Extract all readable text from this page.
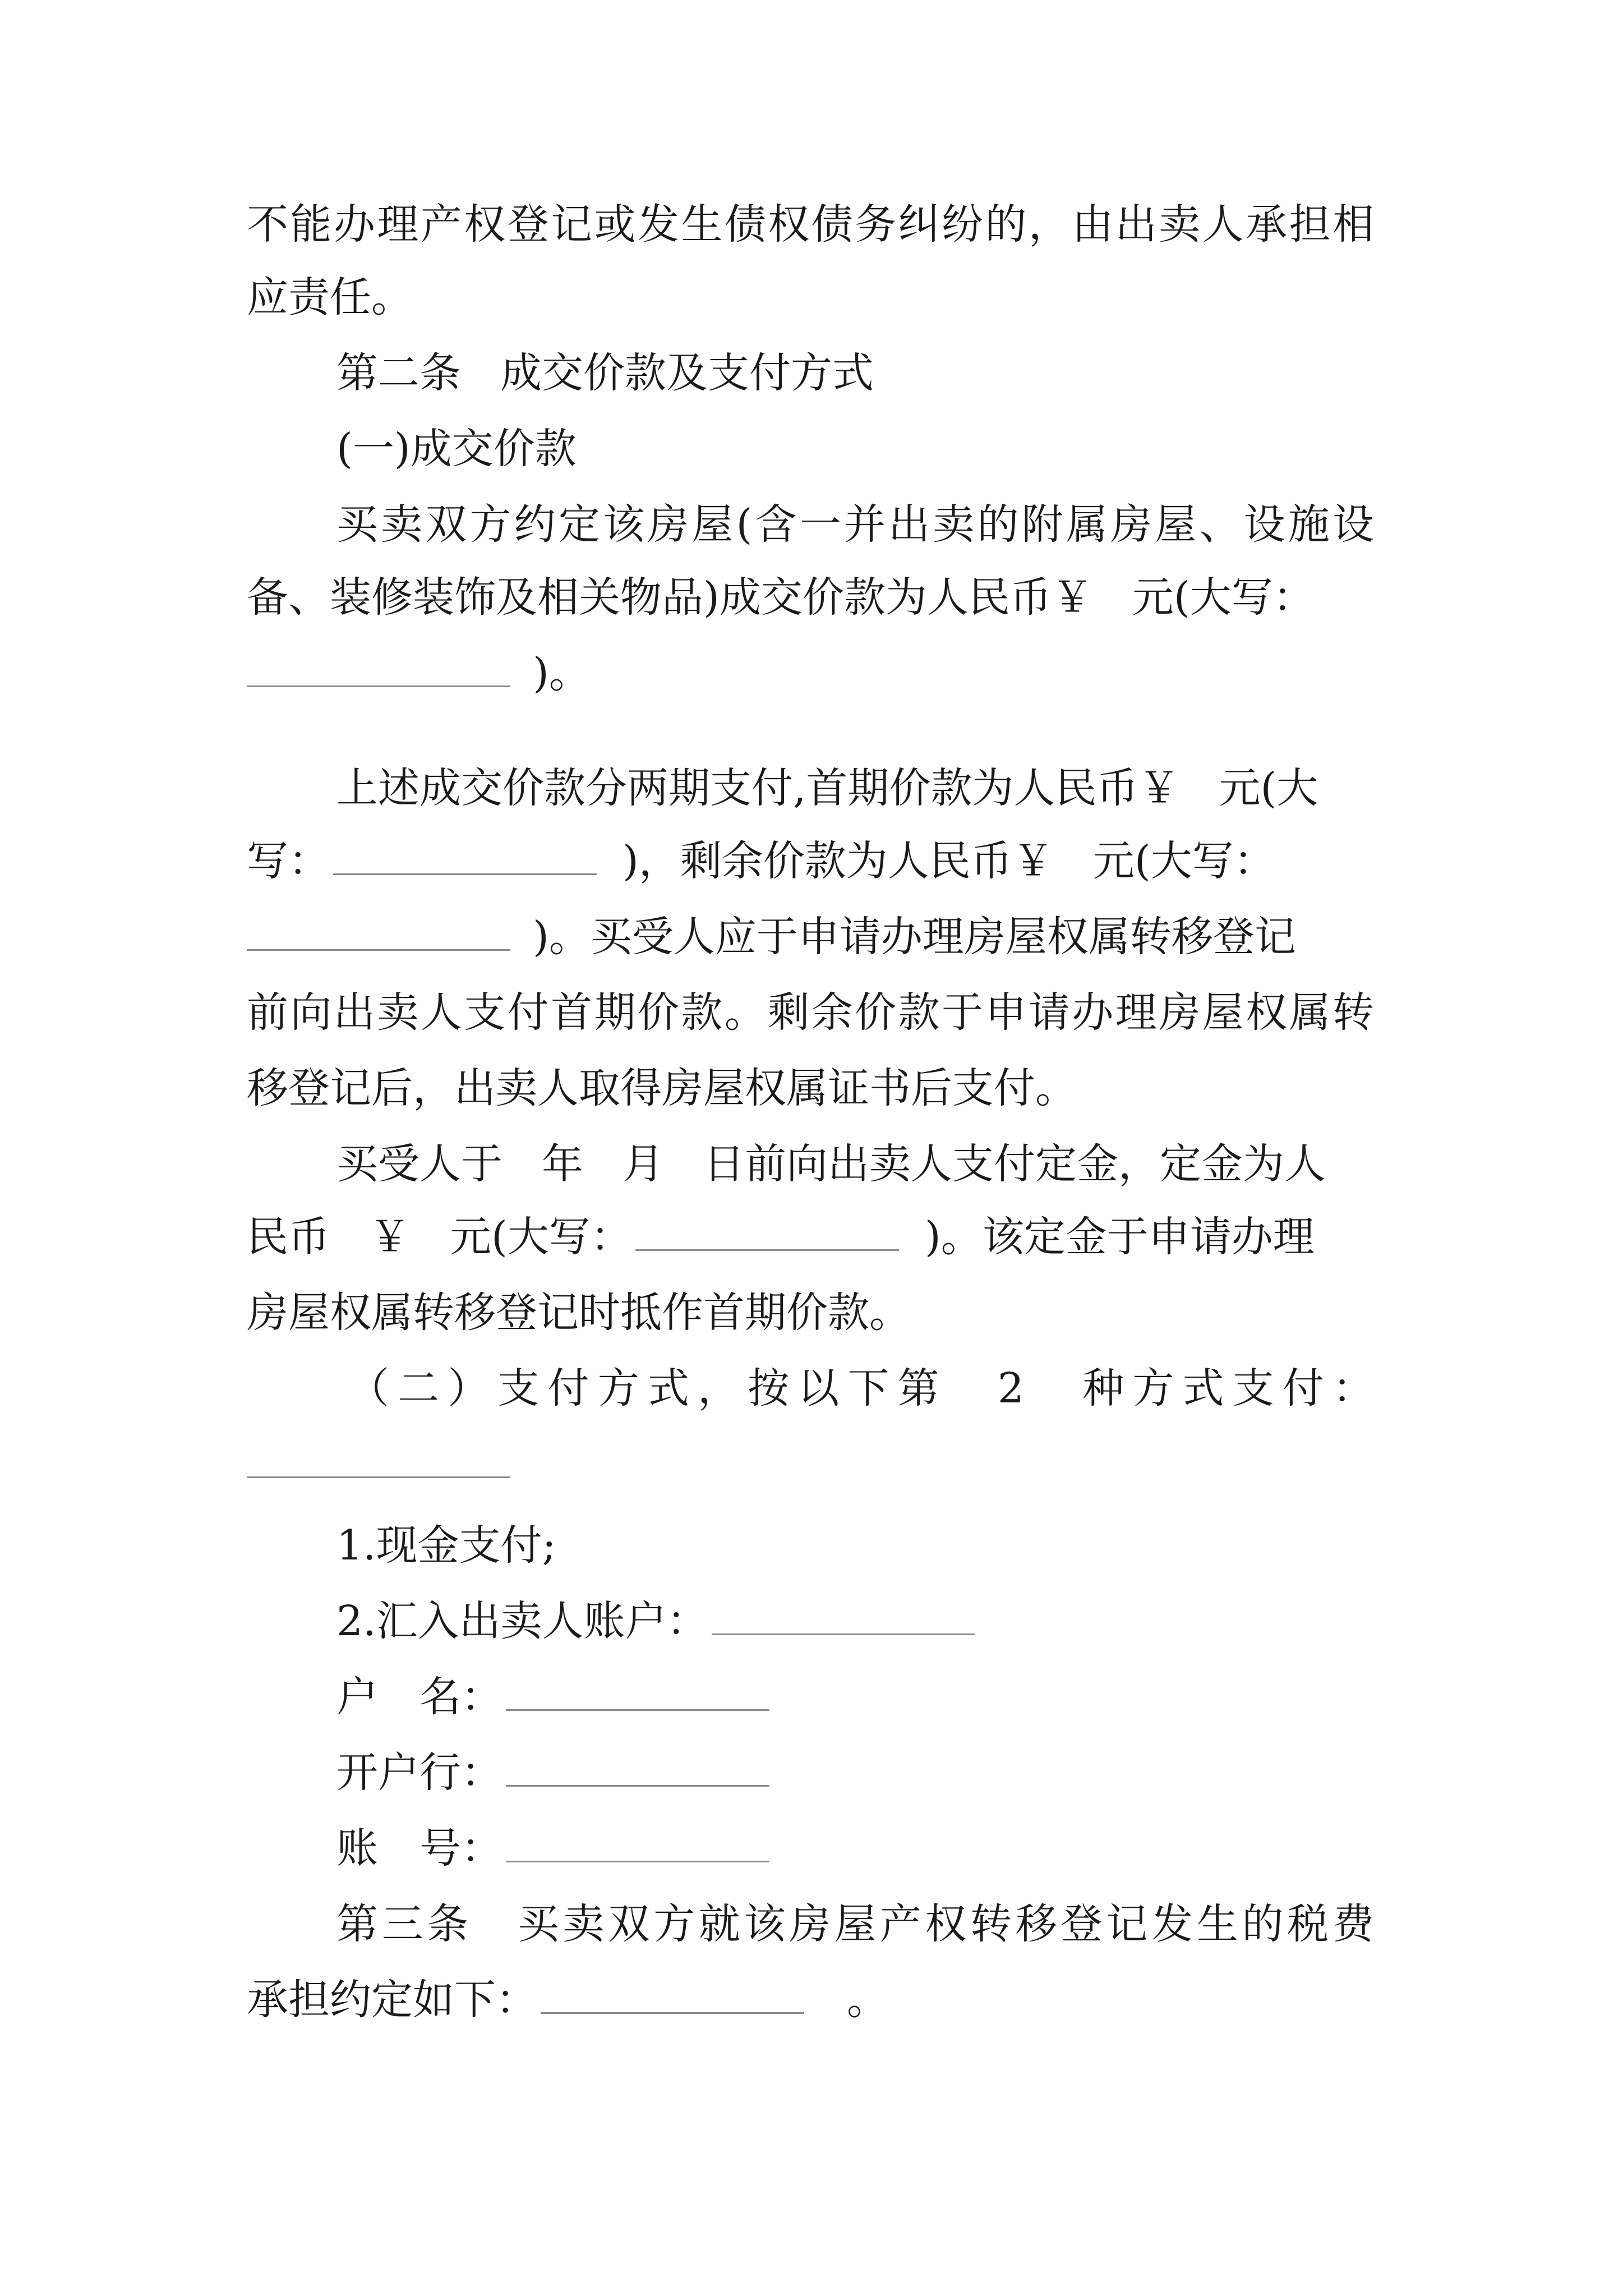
不能办理产权登记或发生债权债务纠纷的，由出卖人承担相
应责任。
第二条 成交价款及支付方式
(一)成交价款
买卖双方约定该房屋(含一并出卖的附属房屋、设施设
备、装修装饰及相关物品)成交价款为人民币￥ 元(大写：
)。
上述成交价款分两期支付,首期价款为人民币￥ 元(大
写：	)，剩余价款为人民币￥ 元(大写：
)。买受人应于申请办理房屋权属转移登记
前向出卖人支付首期价款。剩余价款于申请办理房屋权属转
移登记后，出卖人取得房屋权属证书后支付。
买受人于 年 月 日前向出卖人支付定金，定金为人
民币 ￥ 元(大写：	)。该定金于申请办理
房屋权属转移登记时抵作首期价款。
（二）支付方式，按以下第　2　种方式支付：
1.现金支付;
2.汇入出卖人账户：
户　名：
开户行：
账　号：
第三条　买卖双方就该房屋产权转移登记发生的税费
承担约定如下：	。
